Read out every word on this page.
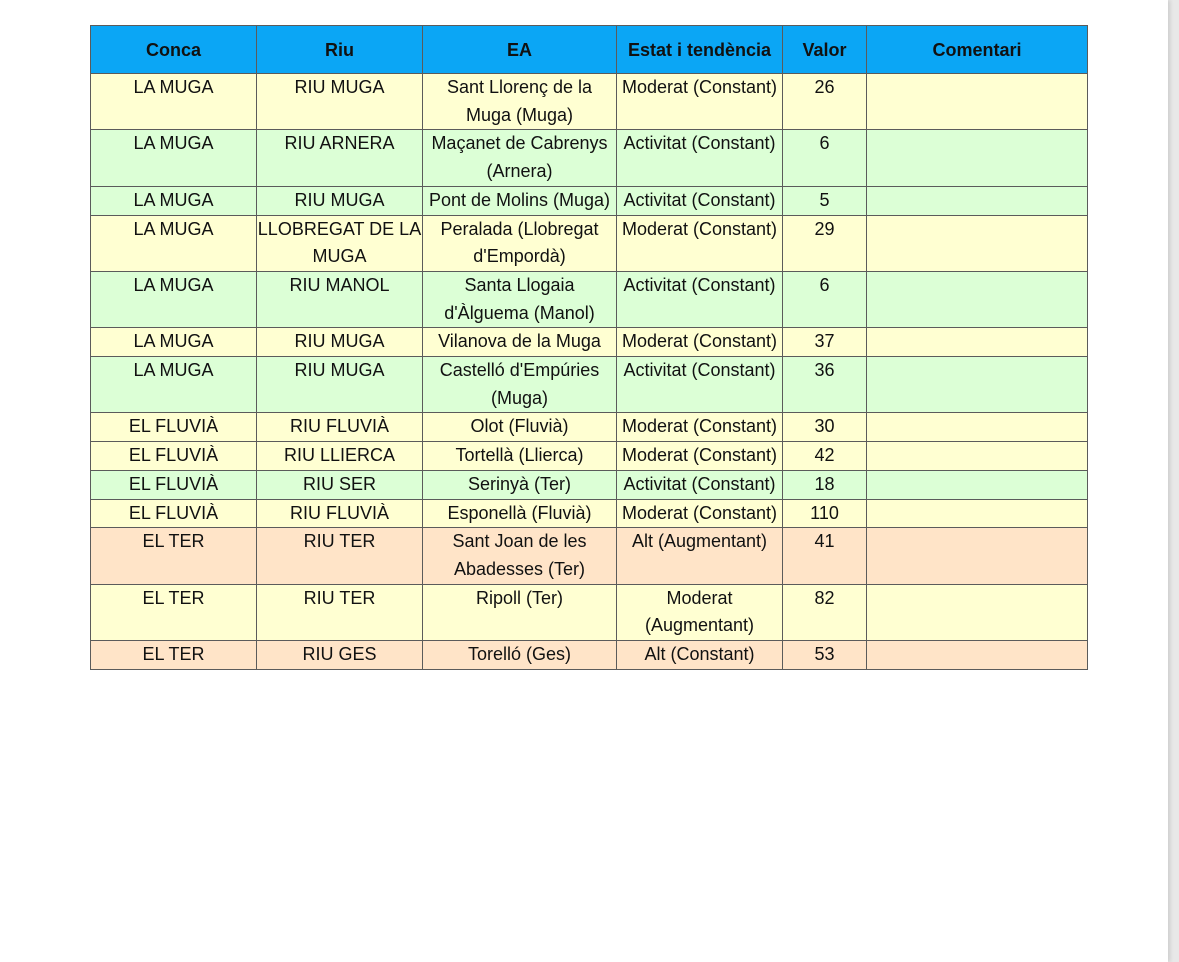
Conca	Riu	EA	Estat i tendència	Valor	Comentari
LA MUGA	RIU MUGA	Sant Llorenç de la Muga (Muga)	Moderat (Constant)	26	
LA MUGA	RIU ARNERA	Maçanet de Cabrenys (Arnera)	Activitat (Constant)	6	
LA MUGA	RIU MUGA	Pont de Molins (Muga)	Activitat (Constant)	5	
LA MUGA	LLOBREGAT DE LA MUGA	Peralada (Llobregat d'Empordà)	Moderat (Constant)	29	
LA MUGA	RIU MANOL	Santa Llogaia d'Àlguema (Manol)	Activitat (Constant)	6	
LA MUGA	RIU MUGA	Vilanova de la Muga	Moderat (Constant)	37	
LA MUGA	RIU MUGA	Castelló d'Empúries (Muga)	Activitat (Constant)	36	
EL FLUVIÀ	RIU FLUVIÀ	Olot (Fluvià)	Moderat (Constant)	30	
EL FLUVIÀ	RIU LLIERCA	Tortellà (Llierca)	Moderat (Constant)	42	
EL FLUVIÀ	RIU SER	Serinyà (Ter)	Activitat (Constant)	18	
EL FLUVIÀ	RIU FLUVIÀ	Esponellà (Fluvià)	Moderat (Constant)	110	
EL TER	RIU TER	Sant Joan de les Abadesses (Ter)	Alt (Augmentant)	41	
EL TER	RIU TER	Ripoll (Ter)	Moderat (Augmentant)	82	
EL TER	RIU GES	Torelló (Ges)	Alt (Constant)	53	
